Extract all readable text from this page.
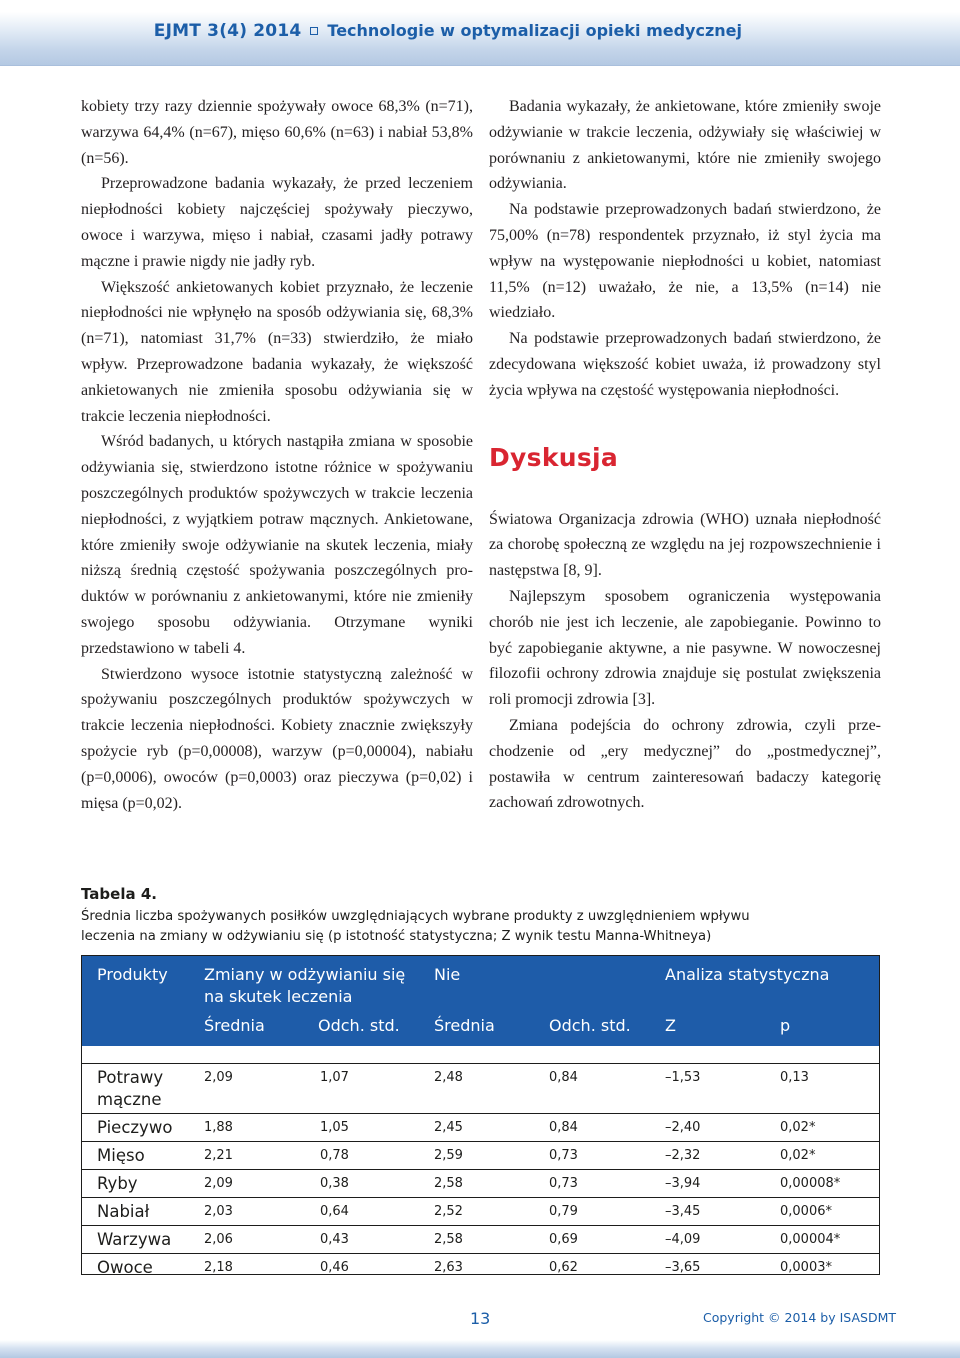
EJMT 3(4) 2014 Technologie w optymalizacji opieki medycznej

kobiety trzy razy dziennie spożywały owoce 68,3% (n=71), warzywa 64,4% (n=67), mięso 60,6% (n=63) i nabiał 53,8% (n=56).

Przeprowadzone badania wykazały, że przed leczeniem niepłodności kobiety najczęściej spożywały pieczywo, owoce i warzywa, mięso i nabiał, czasami jadły potrawy mączne i prawie nigdy nie jadły ryb.

Większość ankietowanych kobiet przyznało, że leczenie niepłodności nie wpłynęło na sposób odżywiania się, 68,3% (n=71), natomiast 31,7% (n=33) stwierdziło, że miało wpływ. Przeprowadzone badania wykazały, że większość ankietowanych nie zmieniła sposobu odżywiania się w trakcie leczenia niepłodności.

Wśród badanych, u których nastąpiła zmiana w sposobie odżywiania się, stwierdzono istotne różnice w spożywaniu poszczególnych produktów spożywczych w trakcie leczenia niepłodności, z wyjątkiem potraw mącznych. Ankietowane, które zmieniły swoje odżywianie na skutek leczenia, miały niższą średnią częstość spożywania poszczególnych produktów w porównaniu z ankietowanymi, które nie zmieniły swojego sposobu odżywiania. Otrzymane wyniki przedstawiono w tabeli 4.

Stwierdzono wysoce istotnie statystyczną zależność w spożywaniu poszczególnych produktów spożywczych w trakcie leczenia niepłodności. Kobiety znacznie zwiększyły spożycie ryb (p=0,00008), warzyw (p=0,00004), nabiału (p=0,0006), owoców (p=0,0003) oraz pieczywa (p=0,02) i mięsa (p=0,02).

Badania wykazały, że ankietowane, które zmieniły swoje odżywianie w trakcie leczenia, odżywiały się właściwiej w porównaniu z ankietowanymi, które nie zmieniły swojego odżywiania.

Na podstawie przeprowadzonych badań stwierdzono, że 75,00% (n=78) respondentek przyznało, iż styl życia ma wpływ na występowanie niepłodności u kobiet, natomiast 11,5% (n=12) uważało, że nie, a 13,5% (n=14) nie wiedziało.

Na podstawie przeprowadzonych badań stwierdzono, że zdecydowana większość kobiet uważa, iż prowadzony styl życia wpływa na częstość występowania niepłodności.

Dyskusja

Światowa Organizacja zdrowia (WHO) uznała niepłodność za chorobę społeczną ze względu na jej rozpowszechnienie i następstwa [8, 9].

Najlepszym sposobem ograniczenia występowania chorób nie jest ich leczenie, ale zapobieganie. Powinno to być zapobieganie aktywne, a nie pasywne. W nowoczesnej filozofii ochrony zdrowia znajduje się postulat zwiększenia roli promocji zdrowia [3].

Zmiana podejścia do ochrony zdrowia, czyli przechodzenie od „ery medycznej” do „postmedycznej”, postawiła w centrum zainteresowań badaczy kategorię zachowań zdrowotnych.

Tabela 4.
Średnia liczba spożywanych posiłków uwzględniających wybrane produkty z uwzględnieniem wpływu
leczenia na zmiany w odżywianiu się (p istotność statystyczna; Z wynik testu Manna-Whitneya)
Produkty Zmiany w odżywianiu się na skutek leczenia
Nie	Analiza statystyczna
Średnia	Odch. std. Średnia	Odch. std. Z	p
Potrawy mączne
2,09	1,07	2,48	0,84	–1,53	0,13
Pieczywo 1,88	1,05	2,45	0,84	–2,40	0,02*
Mięso	2,21	0,78	2,59	0,73	–2,32	0,02*
Ryby	2,09	0,38	2,58	0,73	–3,94	0,00008*
Nabiał	2,03	0,64	2,52	0,79	–3,45	0,0006*
Warzywa	2,06	0,43	2,58	0,69	–4,09	0,00004*
Owoce	2,18	0,46	2,63	0,62	–3,65	0,0003*
13	Copyright © 2014 by ISASDMT
